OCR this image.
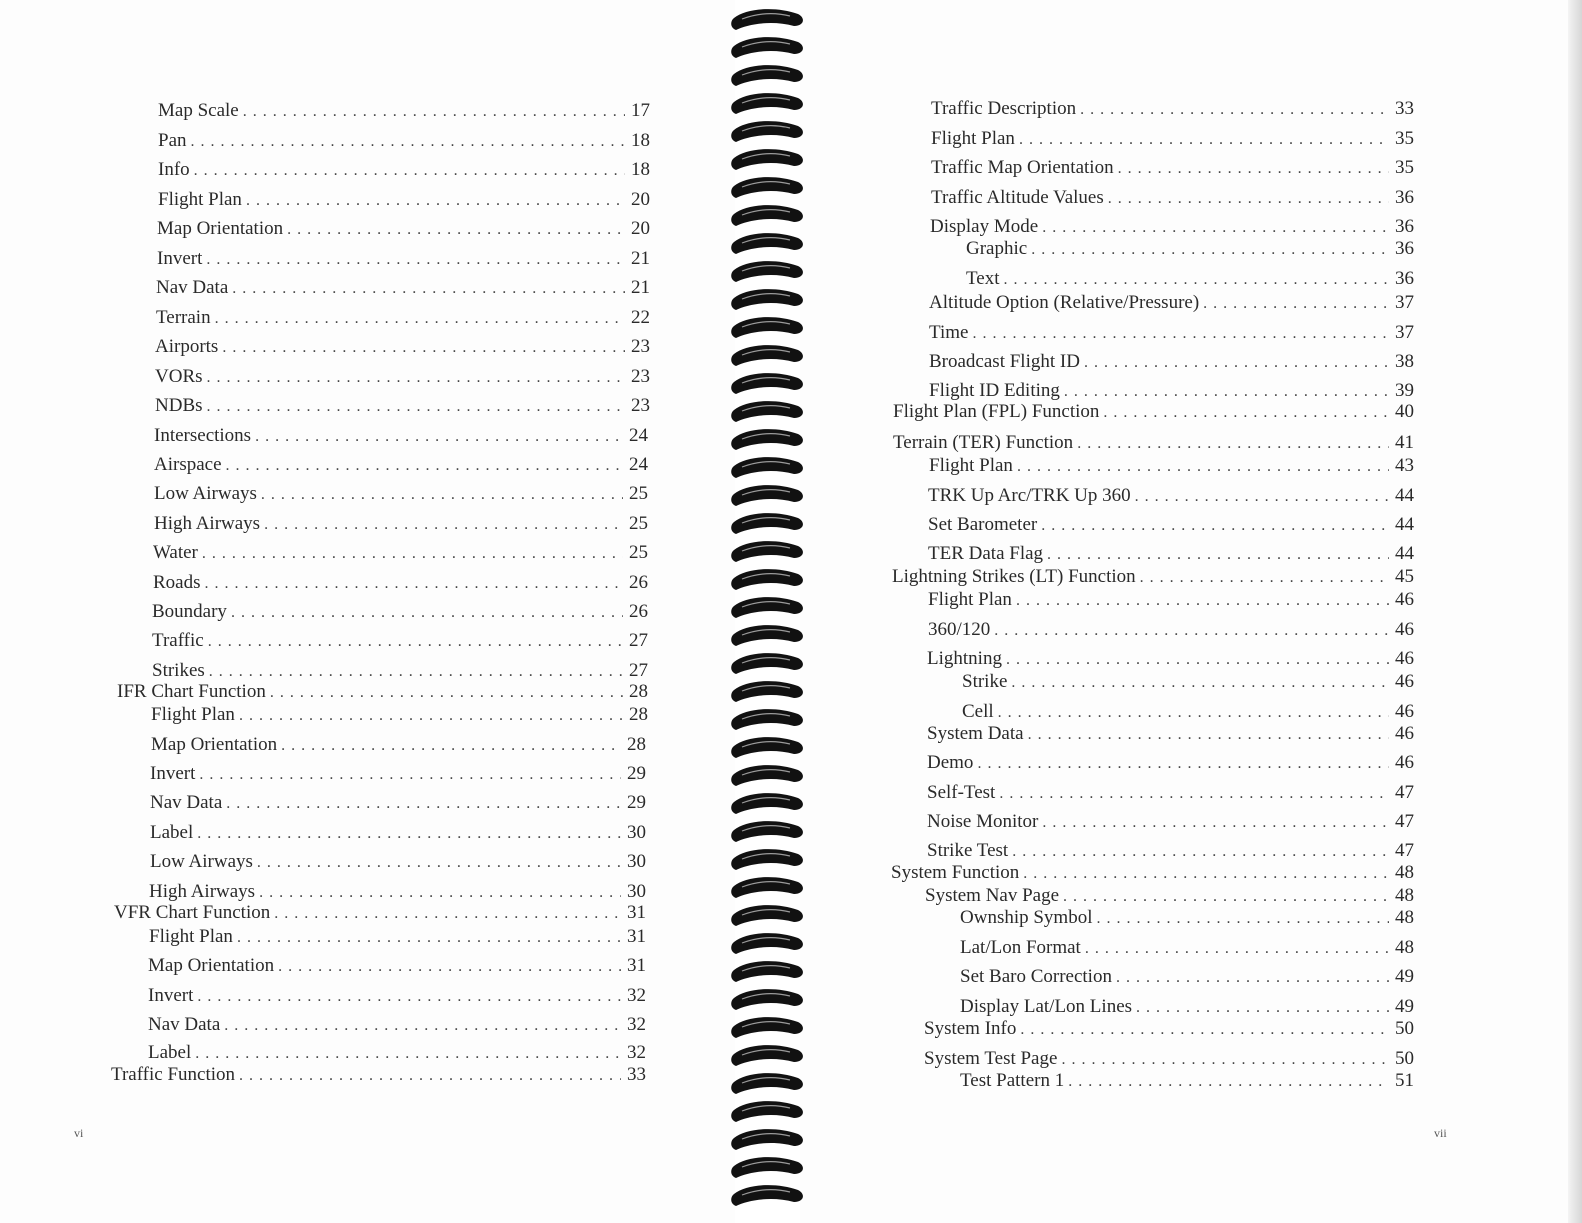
Map Scale . . .	17
Pan . . .	18
Info . . .	18
Flight Plan . . .	20
Map Orientation . . .	20
Invert . . .	21
Nav Data . . .	21
Terrain . . .	22
Airports . . .	23
VORs . . .	23
NDBs . . .	23
Intersections . . .	24
Airspace . . .	24
Low Airways . . .	25
High Airways . . .	25
Water . . .	25
Roads . . .	26
Boundary . . .	26
Traffic . . .	27
Strikes . . .	27
IFR Chart Function . . .	28
Flight Plan . . .	28
Map Orientation . . .	28
Invert . . .	29
Nav Data . . .	29
Label . . .	30
Low Airways . . .	30
High Airways . . .	30
VFR Chart Function . . .	31
Flight Plan . . .	31
Map Orientation . . .	31
Invert . . .	32
Nav Data . . .	32
Label . . .	32
Traffic Function . . .	33
vi
Traffic Description . . .	33
Flight Plan . . .	35
Traffic Map Orientation . . .	35
Traffic Altitude Values . . .	36
Display Mode . . .	36
Graphic . . .	36
Text . . .	36
Altitude Option (Relative/Pressure) . . .	37
Time . . .	37
Broadcast Flight ID . . .	38
Flight ID Editing . . .	39
Flight Plan (FPL) Function . . .	40
Terrain (TER) Function . . .	41
Flight Plan . . .	43
TRK Up Arc/TRK Up 360 . . .	44
Set Barometer . . .	44
TER Data Flag . . .	44
Lightning Strikes (LT) Function . . .	45
Flight Plan . . .	46
360/120 . . .	46
Lightning . . .	46
Strike . . .	46
Cell . . .	46
System Data . . .	46
Demo . . .	46
Self-Test . . .	47
Noise Monitor . . .	47
Strike Test . . .	47
System Function . . .	48
System Nav Page . . .	48
Ownship Symbol . . .	48
Lat/Lon Format . . .	48
Set Baro Correction . . .	49
Display Lat/Lon Lines . . .	49
System Info . . .	50
System Test Page . . .	50
Test Pattern 1 . . .	51
vii
